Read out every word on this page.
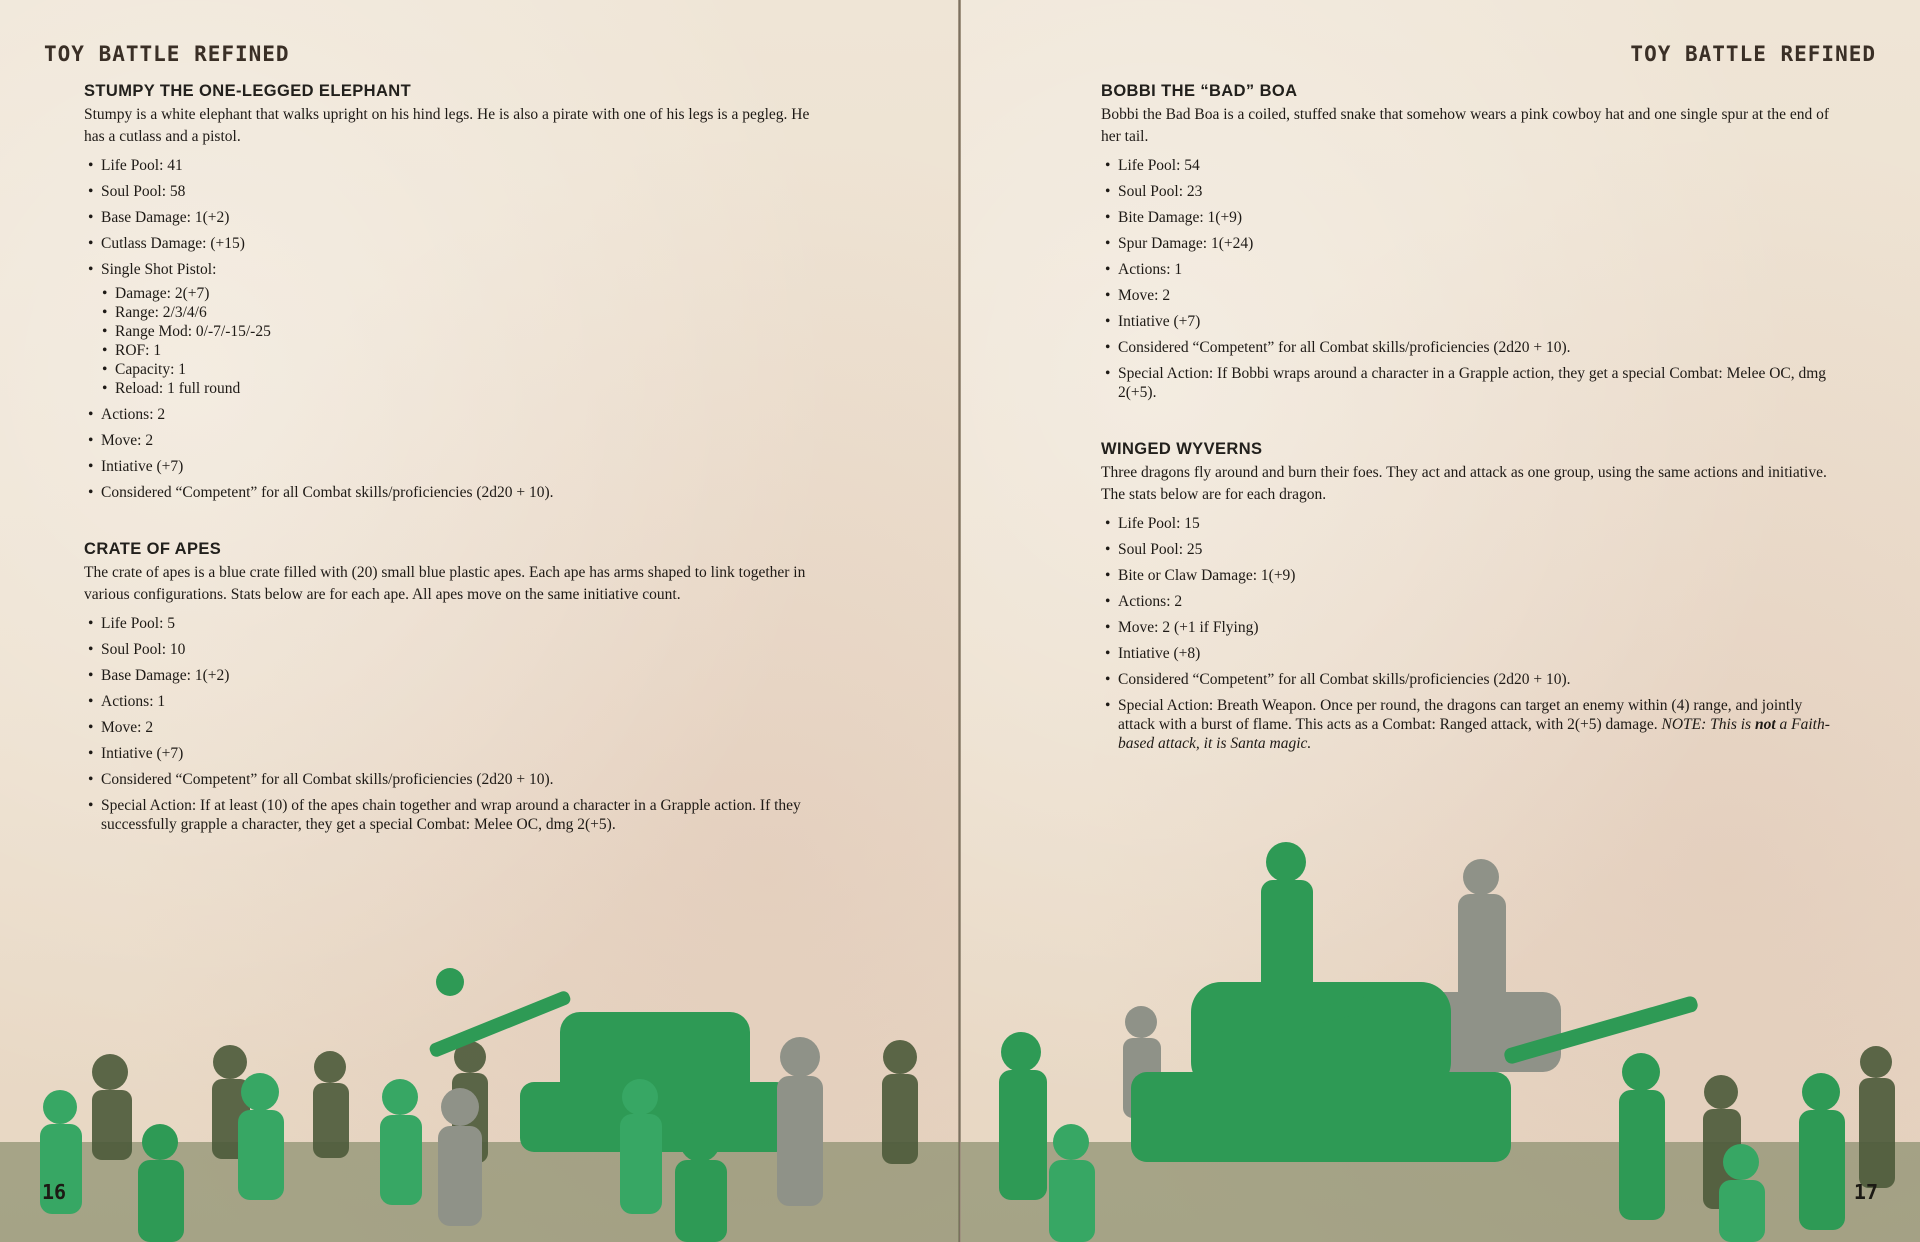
TOY BATTLE REFINED
STUMPY THE ONE-LEGGED ELEPHANT

Stumpy is a white elephant that walks upright on his hind legs. He is also a pirate with one of his legs is a pegleg. He has a cutlass and a pistol.

• Life Pool: 41
• Soul Pool: 58
• Base Damage: 1(+2)
• Cutlass Damage: (+15)
• Single Shot Pistol:
• Damage: 2(+7)
• Range: 2/3/4/6
• Range Mod: 0/-7/-15/-25
• ROF: 1
• Capacity: 1
• Reload: 1 full round
• Actions: 2
• Move: 2
• Intiative (+7)
• Considered “Competent” for all Combat skills/proficiencies (2d20 + 10).
CRATE OF APES

The crate of apes is a blue crate filled with (20) small blue plastic apes. Each ape has arms shaped to link together in various configurations. Stats below are for each ape. All apes move on the same initiative count.

• Life Pool: 5
• Soul Pool: 10
• Base Damage: 1(+2)
• Actions: 1
• Move: 2
• Intiative (+7)
• Considered “Competent” for all Combat skills/proficiencies (2d20 + 10).
• Special Action: If at least (10) of the apes chain together and wrap around a character in a Grapple action. If they successfully grapple a character, they get a special Combat: Melee OC, dmg 2(+5).
16
TOY BATTLE REFINED
BOBBI THE “BAD” BOA

Bobbi the Bad Boa is a coiled, stuffed snake that somehow wears a pink cowboy hat and one single spur at the end of her tail.

• Life Pool: 54
• Soul Pool: 23
• Bite Damage: 1(+9)
• Spur Damage: 1(+24)
• Actions: 1
• Move: 2
• Intiative (+7)
• Considered “Competent” for all Combat skills/proficiencies (2d20 + 10).
• Special Action: If Bobbi wraps around a character in a Grapple action, they get a special Combat: Melee OC, dmg 2(+5).
WINGED WYVERNS

Three dragons fly around and burn their foes. They act and attack as one group, using the same actions and initiative. The stats below are for each dragon.

• Life Pool: 15
• Soul Pool: 25
• Bite or Claw Damage: 1(+9)
• Actions: 2
• Move: 2 (+1 if Flying)
• Intiative (+8)
• Considered “Competent” for all Combat skills/proficiencies (2d20 + 10).
• Special Action: Breath Weapon. Once per round, the dragons can target an enemy within (4) range, and jointly attack with a burst of flame. This acts as a Combat: Ranged attack, with 2(+5) damage. NOTE: This is not a Faith-based attack, it is Santa magic.
17
